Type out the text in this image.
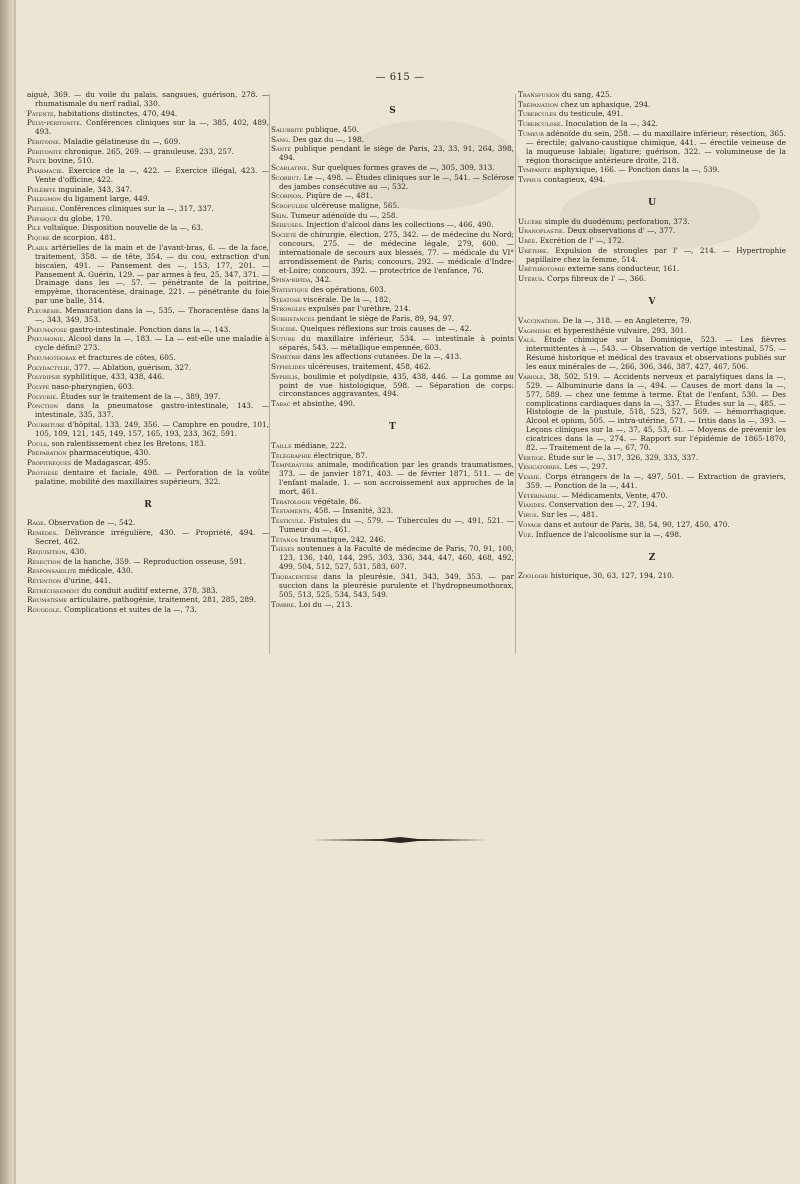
— 615 —
aiguë, 369. — du voile du palais, sangsues, guérison, 278. — rhumatismale du nerf radial, 330.
Patente, habitations distinctes, 470, 494.
Pelvi-péritonite. Conférences cliniques sur la —, 385, 402, 489, 493.
Péritoine. Maladie gélatineuse du —, 609.
Péritonite chronique. 265, 269. — granuleuse, 233, 257.
Peste bovine, 510.
Pharmacie. Exercice de la —, 422. — Exercice illégal, 423. — Vente d'officine, 422.
Phlébite inguinale, 343, 347.
Phlegmon du ligament large, 449.
Phthisie. Conférences cliniques sur la —, 317, 337.
Physique du globe, 170.
Pile voltaïque. Disposition nouvelle de la —, 63.
Piqure de scorpion, 481.
Plaies artérielles de la main et de l'avant-bras, 6. — de la face, traitement, 358. — de tête, 354. — du cou, extraction d'un biscaïen, 491. — Pansement des —, 153, 177, 201. — Pansement A. Guérin, 129. — par armes à feu, 25, 347, 371. — Drainage dans les —, 57. — pénétrante de la poitrine, empyème, thoracentèse, drainage, 221. — pénétrante du foie par une balle, 314.
Pleurésie. Mensuration dans la —, 535. — Thoracentèse dans la —, 343, 349, 353.
Pneumatose gastro-intestinale. Ponction dans la —, 143.
Pneumonie. Alcool dans la —, 183. — La — est-elle une maladie à cycle défini? 273.
Pneumothorax et fractures de côtes, 605.
Polydactylie, 377. — Ablation, guérison, 327.
Polydipsie syphilitique, 433, 438, 446.
Polype naso-pharyngien, 603.
Polyurie. Études sur le traitement de la —, 389, 397.
Ponction dans la pneumatose gastro-intestinale, 143. — intestinale, 335, 337.
Pourriture d'hôpital, 133, 249, 356. — Camphre en poudre, 101, 105, 109, 121, 145, 149, 157, 165, 193, 233, 362, 591.
Pouls, son ralentissement chez les Bretons, 183.
Préparation pharmaceutique, 430.
Propitrèques de Madagascar, 495.
Prothèse dentaire et faciale, 498. — Perforation de la voûte palatine, mobilité des maxillaires supérieurs, 322.
R
Rage. Observation de —, 542.
Remèdes. Délivrance irrégulière, 430. — Propriété, 494. — Secret, 462.
Réquisition, 430.
Résection de la hanche, 359. — Reproduction osseuse, 591.
Responsabilité médicale, 430.
Rétention d'urine, 441.
Rétrécissement du conduit auditif externe, 378, 383.
Rhumatisme articulaire, pathogénie, traitement, 281, 285, 289.
Rougeole. Complications et suites de la —, 73.
S
Salubrité publique, 450.
Sang. Des gaz du —, 198.
Santé publique pendant le siège de Paris, 23, 33, 91, 264, 398, 494.
Scarlatine. Sur quelques formes graves de —, 305, 309, 313.
Scorbut. Le —, 498. — Études cliniques sur le —, 541. — Sclérose des jambes consécutive au —, 532.
Scorpion. Piqûre de —, 481.
Scrofulide ulcéreuse maligne, 565.
Sein. Tumeur adénoïde du —, 258.
Séreuses. Injection d'alcool dans les collections —, 466, 490.
Société de chirurgie, élection, 275, 342. — de médecine du Nord; concours, 275. — de médecine légale, 279, 600. — internationale de secours aux blessés, 77. — médicale du VI° arrondissement de Paris; concours, 292. — médicale d'Indre-et-Loire; concours, 392. — protectrice de l'enfance, 76.
Spina-bifida, 342.
Statistique des opérations, 603.
Stéatose viscérale. De la —, 182.
Strongles expulsés par l'urèthre, 214.
Subsistances pendant le siège de Paris, 89, 94, 97.
Suicide. Quelques réflexions sur trois causes de —, 42.
Suture du maxillaire inférieur, 534. — intestinale à points séparés, 543. — métallique empennée, 603.
Symétrie dans les affections cutanées. De la —, 413.
Syphilides ulcéreuses, traitement, 458, 462.
Syphilis, boulimie et polydipsie, 435, 438, 446. — La gomme au point de vue histologique, 598. — Séparation de corps: circonstances aggravantes, 494.
Tabac et absinthe, 490.
T
Taille médiane, 222.
Télégraphie électrique, 87.
Température animale, modification par les grands traumatismes, 373. — de janvier 1871, 403. — de février 1871, 511. — de l'enfant malade, 1. — son accroissement aux approches de la mort, 461.
Tératologie végétale, 86.
Testaments, 458. — Insanité, 323.
Testicule. Fistules du —, 579. — Tubercules du —, 491, 521. — Tumeur du —, 461.
Tétanos traumatique, 242, 246.
Thèses soutenues à la Faculté de médecine de Paris, 70, 91, 100, 123, 136, 140, 144, 295, 303, 336, 344, 447, 460, 468, 492, 499, 504, 512, 527, 531, 583, 607.
Thoracentèse dans la pleurésie, 341, 343, 349, 353. — par succion dans la pleurésie purulente et l'hydropneumothorax, 505, 513, 525, 534, 543, 549.
Timbre. Loi du —, 213.
Transfusion du sang, 425.
Trépanation chez un aphasique, 294.
Tubercules du testicule, 491.
Tuberculose. Inoculation de la —, 342.
Tumeur adénoïde du sein, 258. — du maxillaire inférieur; résection, 365. — érectile; galvano-caustique chimique, 441. — érectile veineuse de la muqueuse labiale; ligature; guérison, 322. — volumineuse de la région thoracique antérieure droite, 218.
Tympanite asphyxique, 166. — Ponction dans la —, 539.
Typhus contagieux, 494.
U
Ulcère simple du duodénum; perforation, 373.
Uranoplastie. Deux observations d' —, 377.
Urée. Excrétion de l' —, 172.
Urèthre. Expulsion de strongles par l' —, 214. — Hypertrophie papillaire chez la femme, 514.
Uréthrotomie externe sans conducteur, 161.
Utérus. Corps fibreux de l' —, 366.
V
Vaccination. De la —, 318. — en Angleterre, 79.
Vaginisme et hyperesthésie vulvaire, 293, 301.
Vals. Étude chimique sur la Dominique, 523. — Les fièvres intermittentes à —, 543. — Observation de vertige intestinal, 575. — Résumé historique et médical des travaux et observations publiés sur les eaux minérales de —, 266, 306, 346, 387, 427, 467, 506.
Variole, 38, 502, 519. — Accidents nerveux et paralytiques dans la —, 529. — Albuminurie dans la —, 494. — Causes de mort dans la —, 577, 589. — chez une femme à terme. État de l'enfant, 530. — Des complications cardiaques dans la —, 337. — Études sur la —, 485. — Histologie de la pustule, 518, 523, 527, 569. — hémorrhagique. Alcool et opium, 505. — intra-utérine, 571. — Iritis dans la —, 393. — Leçons cliniques sur la —, 37, 45, 53, 61. — Moyens de prévenir les cicatrices dans la —, 274. — Rapport sur l'épidémie de 1865-1870, 82. — Traitement de la —, 67, 70.
Vertige. Étude sur le —, 317, 326, 329, 333, 337.
Vésicatoires. Les —, 297.
Vessie. Corps étrangers de la —, 497, 501. — Extraction de graviers, 359. — Ponction de la —, 441.
Vétérinaire. — Médicaments, Vente, 470.
Viandes. Conservation des —, 27, 194.
Virus. Sur les —, 481.
Voyage dans et autour de Paris, 38, 54, 90, 127, 450, 470.
Vue. Influence de l'alcoolisme sur la —, 498.
Z
Zoologie historique, 30, 63, 127, 194, 210.
